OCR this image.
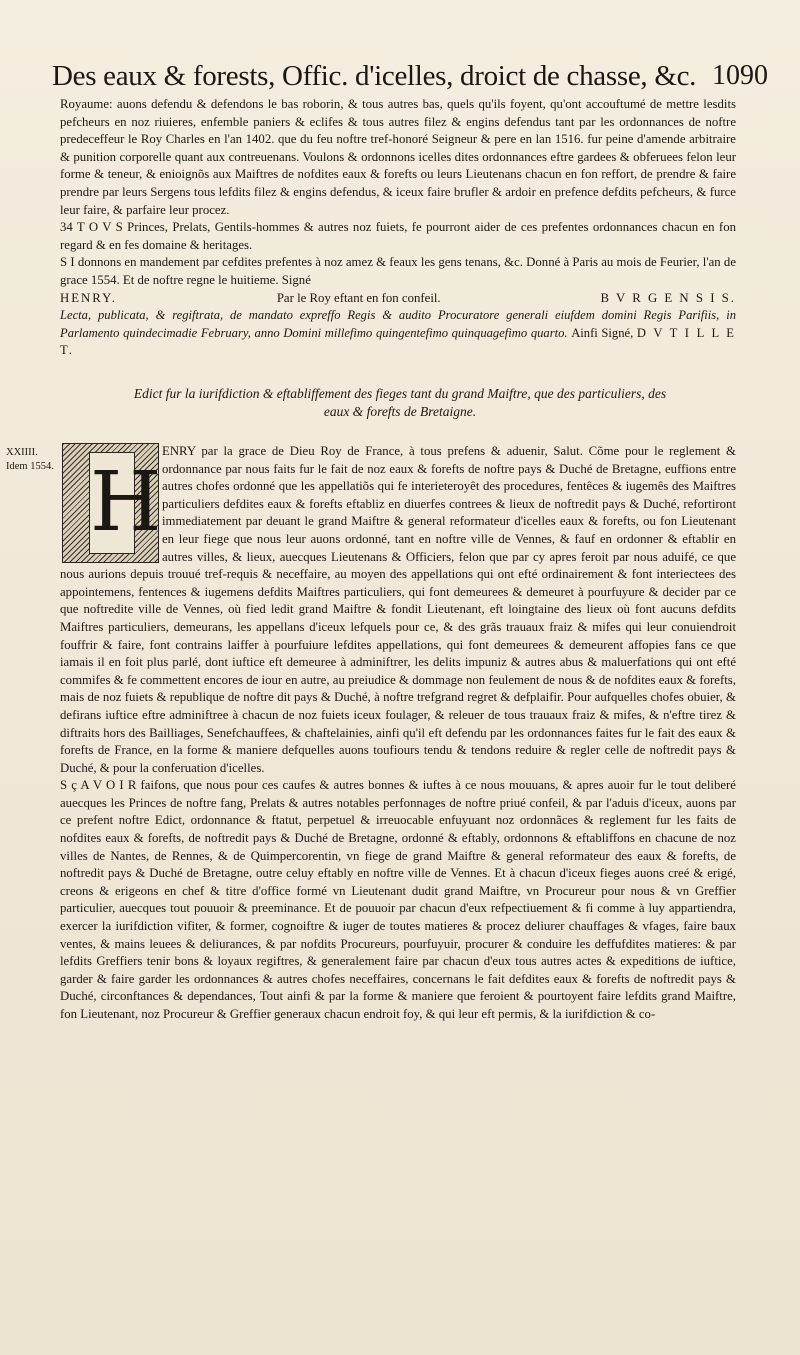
Des eaux & forests, Offic. d'icelles, droict de chasse, &c. 1090

Royaume: auons defendu & defendons le bas roborin, & tous autres bas, quels qu'ils foyent, qu'ont accouftumé de mettre lesdits pefcheurs en noz riuieres, enfemble paniers & eclifes & tous autres filez & engins defendus tant par les ordonnances de noftre predeceffeur le Roy Charles en l'an 1402. que du feu noftre tref-honoré Seigneur & pere en lan 1516. fur peine d'amende arbitraire & punition corporelle quant aux contreuenans. Voulons & ordonnons icelles dites ordonnances eftre gardees & obferuees felon leur forme & teneur, & enioignõs aux Maiftres de nofdites eaux & forefts ou leurs Lieutenans chacun en fon reffort, de prendre & faire prendre par leurs Sergens tous lefdits filez & engins defendus, & iceux faire brufler & ardoir en prefence defdits pefcheurs, & furce leur faire, & parfaire leur procez.

34 T O V S Princes, Prelats, Gentils-hommes & autres noz fuiets, fe pourront aider de ces prefentes ordonnances chacun en fon regard & en fes domaine & heritages.

S I donnons en mandement par cefdites prefentes à noz amez & feaux les gens tenans, &c. Donné à Paris au mois de Feurier, l'an de grace 1554. Et de noftre regne le huitieme. Signé

HENRY.	Par le Roy eftant en fon confeil.	B V R G E N S I S.

Lecta, publicata, & regiftrata, de mandato expreffo Regis & audito Procuratore generali eiufdem domini Regis Parifiis, in Parlamento quindecimadie February, anno Domini millefimo quingentefimo quinquagefimo quarto. Ainfi Signé, D V T I L L E T.

Edict fur la iurifdiction & eftabliffement des fieges tant du grand Maiftre, que des particuliers, des eaux & forefts de Bretaigne.
XXIIII.
Idem 1554.

ENRY par la grace de Dieu Roy de France, à tous prefens & aduenir, Salut. Cõme pour le reglement & ordonnance par nous faits fur le fait de noz eaux & forefts de noftre pays & Duché de Bretagne, euffions entre autres chofes ordonné que les appellatiõs qui fe interieteroyêt des procedures, fentêces & iugemês des Maiftres particuliers defdites eaux & forefts eftabliz en diuerfes contrees & lieux de noftredit pays & Duché, refortiront immediatement par deuant le grand Maiftre & general reformateur d'icelles eaux & forefts, ou fon Lieutenant en leur fiege que nous leur auons ordonné, tant en noftre ville de Vennes, & fauf en ordonner & eftablir en autres villes, & lieux, auecques Lieutenans & Officiers, felon que par cy apres feroit par nous aduifé, ce que nous aurions depuis trouué tref-requis & neceffaire, au moyen des appellations qui ont efté ordinairement & font interiectees des appointemens, fentences & iugemens defdits Maiftres particuliers, qui font demeurees & demeuret à pourfuyure & decider par ce que noftredite ville de Vennes, où fied ledit grand Maiftre & fondit Lieutenant, eft loingtaine des lieux où font aucuns defdits Maiftres particuliers, demeurans, les appellans d'iceux lefquels pour ce, & des grãs trauaux fraiz & mifes qui leur conuiendroit fouffrir & faire, font contrains laiffer à pourfuiure lefdites appellations, qui font demeurees & demeurent affopies fans ce que iamais il en foit plus parlé, dont iuftice eft demeuree à adminiftrer, les delits impuniz & autres abus & maluerfations qui ont efté commifes & fe commettent encores de iour en autre, au preiudice & dommage non feulement de nous & de nofdites eaux & forefts, mais de noz fuiets & republique de noftre dit pays & Duché, à noftre trefgrand regret & defplaifir. Pour aufquelles chofes obuier, & defirans iuftice eftre adminiftree à chacun de noz fuiets iceux foulager, & releuer de tous trauaux fraiz & mifes, & n'eftre tirez & diftraits hors des Bailliages, Senefchauffees, & chaftelainies, ainfi qu'il eft defendu par les ordonnances faites fur le fait des eaux & forefts de France, en la forme & maniere defquelles auons toufiours tendu & tendons reduire & regler celle de noftredit pays & Duché, & pour la conferuation d'icelles.

S ç A V O I R faifons, que nous pour ces caufes & autres bonnes & iuftes à ce nous mouuans, & apres auoir fur le tout deliberé auecques les Princes de noftre fang, Prelats & autres notables perfonnages de noftre priué confeil, & par l'aduis d'iceux, auons par ce prefent noftre Edict, ordonnance & ftatut, perpetuel & irreuocable enfuyuant noz ordonnãces & reglement fur les faits de nofdites eaux & forefts, de noftredit pays & Duché de Bretagne, ordonné & eftably, ordonnons & eftabliffons en chacune de noz villes de Nantes, de Rennes, & de Quimpercorentin, vn fiege de grand Maiftre & general reformateur des eaux & forefts, de noftredit pays & Duché de Bretagne, outre celuy eftably en noftre ville de Vennes. Et à chacun d'iceux fieges auons creé & erigé, creons & erigeons en chef & titre d'office formé vn Lieutenant dudit grand Maiftre, vn Procureur pour nous & vn Greffier particulier, auecques tout pouuoir & preeminance. Et de pouuoir par chacun d'eux refpectiuement & fi comme à luy appartiendra, exercer la iurifdiction vifiter, & former, cognoiftre & iuger de toutes matieres & procez deliurer chauffages & vfages, faire baux ventes, & mains leuees & deliurances, & par nofdits Procureurs, pourfuyuir, procurer & conduire les deffufdites matieres: & par lefdits Greffiers tenir bons & loyaux regiftres, & generalement faire par chacun d'eux tous autres actes & expeditions de iuftice, garder & faire garder les ordonnances & autres chofes neceffaires, concernans le fait defdites eaux & forefts de noftredit pays & Duché, circonftances & dependances, Tout ainfi & par la forme & maniere que feroient & pourtoyent faire lefdits grand Maiftre, fon Lieutenant, noz Procureur & Greffier generaux chacun endroit foy, & qui leur eft permis, & la iurifdiction & co-

H
